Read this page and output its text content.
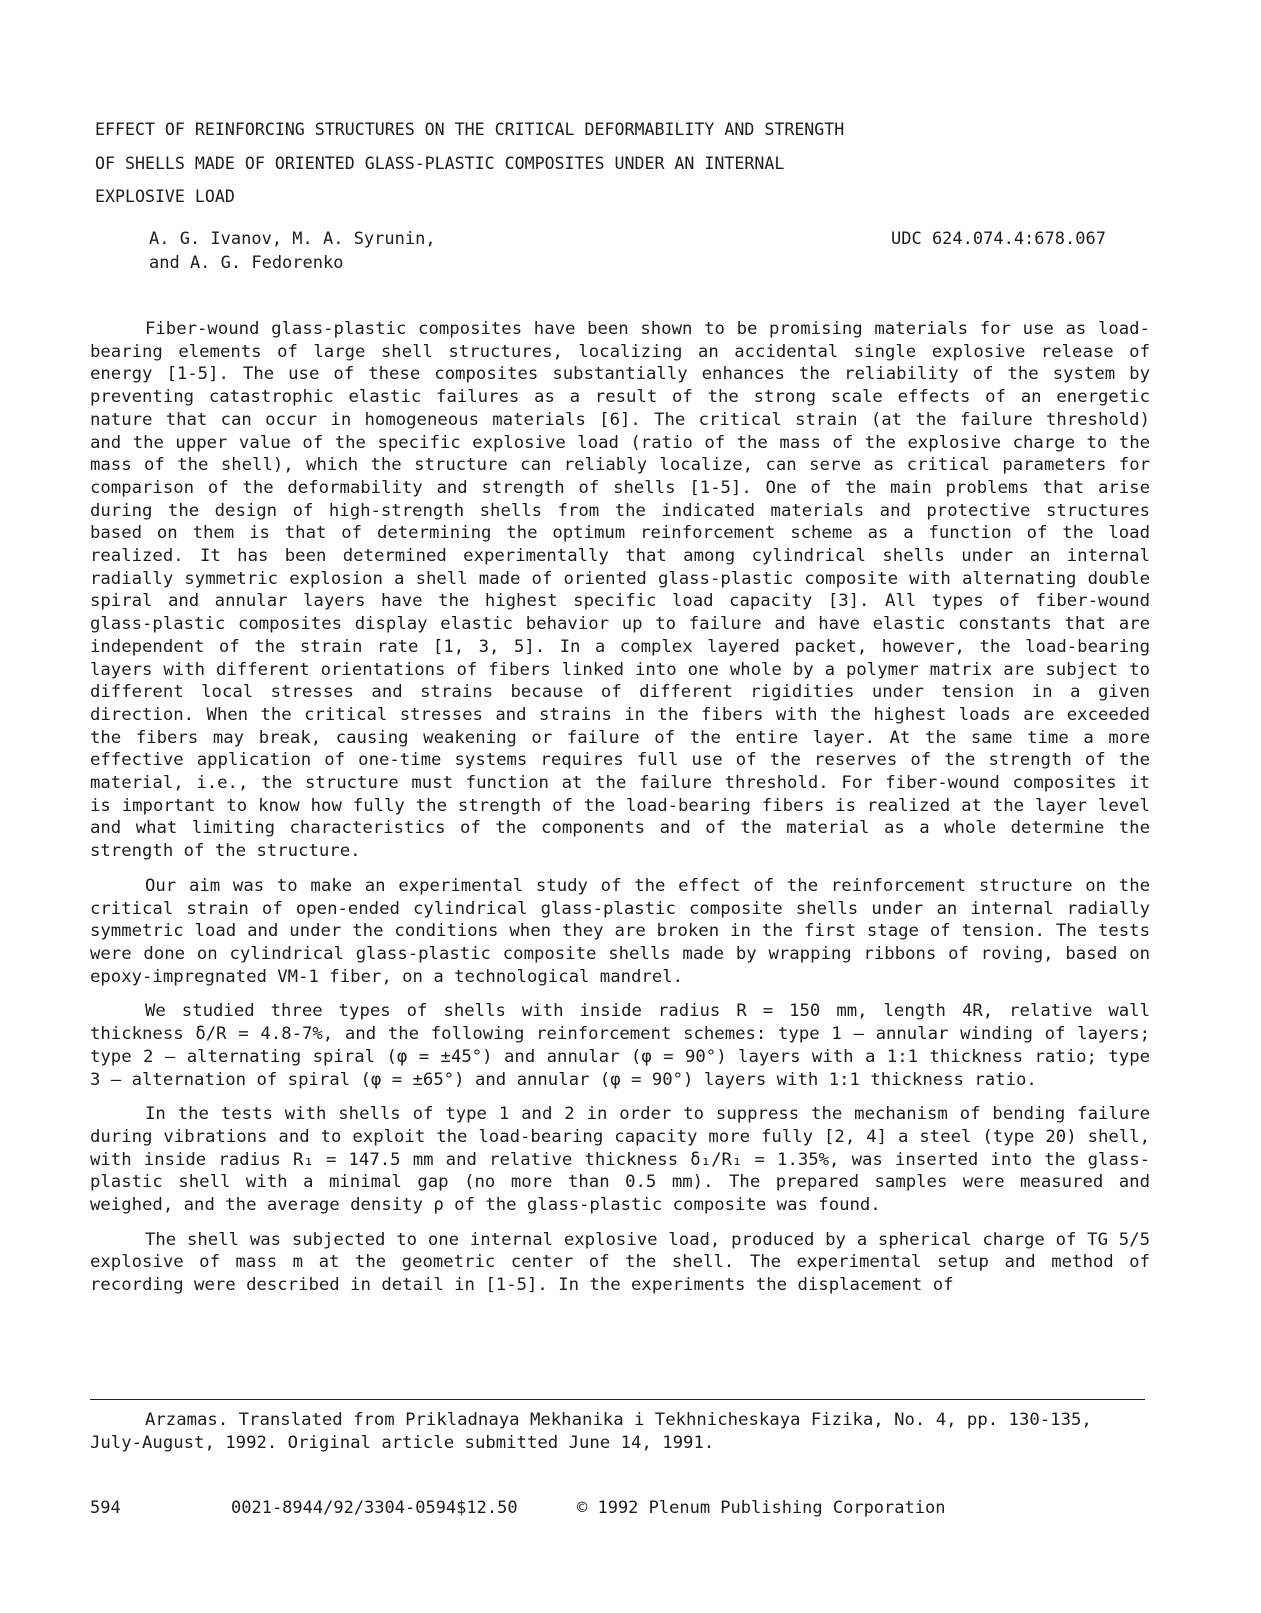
EFFECT OF REINFORCING STRUCTURES ON THE CRITICAL DEFORMABILITY AND STRENGTH
OF SHELLS MADE OF ORIENTED GLASS-PLASTIC COMPOSITES UNDER AN INTERNAL
EXPLOSIVE LOAD
A. G. Ivanov, M. A. Syrunin,
and A. G. Fedorenko
UDC 624.074.4:678.067

Fiber-wound glass-plastic composites have been shown to be promising materials for use as load-bearing elements of large shell structures, localizing an accidental single explosive release of energy [1-5]. The use of these composites substantially enhances the reliability of the system by preventing catastrophic elastic failures as a result of the strong scale effects of an energetic nature that can occur in homogeneous materials [6]. The critical strain (at the failure threshold) and the upper value of the specific explosive load (ratio of the mass of the explosive charge to the mass of the shell), which the structure can reliably localize, can serve as critical parameters for comparison of the deformability and strength of shells [1-5]. One of the main problems that arise during the design of high-strength shells from the indicated materials and protective structures based on them is that of determining the optimum reinforcement scheme as a function of the load realized. It has been determined experimentally that among cylindrical shells under an internal radially symmetric explosion a shell made of oriented glass-plastic composite with alternating double spiral and annular layers have the highest specific load capacity [3]. All types of fiber-wound glass-plastic composites display elastic behavior up to failure and have elastic constants that are independent of the strain rate [1, 3, 5]. In a complex layered packet, however, the load-bearing layers with different orientations of fibers linked into one whole by a polymer matrix are subject to different local stresses and strains because of different rigidities under tension in a given direction. When the critical stresses and strains in the fibers with the highest loads are exceeded the fibers may break, causing weakening or failure of the entire layer. At the same time a more effective application of one-time systems requires full use of the reserves of the strength of the material, i.e., the structure must function at the failure threshold. For fiber-wound composites it is important to know how fully the strength of the load-bearing fibers is realized at the layer level and what limiting characteristics of the components and of the material as a whole determine the strength of the structure.

Our aim was to make an experimental study of the effect of the reinforcement structure on the critical strain of open-ended cylindrical glass-plastic composite shells under an internal radially symmetric load and under the conditions when they are broken in the first stage of tension. The tests were done on cylindrical glass-plastic composite shells made by wrapping ribbons of roving, based on epoxy-impregnated VM-1 fiber, on a technological mandrel.

We studied three types of shells with inside radius R = 150 mm, length 4R, relative wall thickness δ/R = 4.8-7%, and the following reinforcement schemes: type 1 – annular winding of layers; type 2 – alternating spiral (φ = ±45°) and annular (φ = 90°) layers with a 1:1 thickness ratio; type 3 – alternation of spiral (φ = ±65°) and annular (φ = 90°) layers with 1:1 thickness ratio.

In the tests with shells of type 1 and 2 in order to suppress the mechanism of bending failure during vibrations and to exploit the load-bearing capacity more fully [2, 4] a steel (type 20) shell, with inside radius R₁ = 147.5 mm and relative thickness δ₁/R₁ = 1.35%, was inserted into the glass-plastic shell with a minimal gap (no more than 0.5 mm). The prepared samples were measured and weighed, and the average density ρ of the glass-plastic composite was found.

The shell was subjected to one internal explosive load, produced by a spherical charge of TG 5/5 explosive of mass m at the geometric center of the shell. The experimental setup and method of recording were described in detail in [1-5]. In the experiments the displacement of

Arzamas. Translated from Prikladnaya Mekhanika i Tekhnicheskaya Fizika, No. 4, pp. 130-135, July-August, 1992. Original article submitted June 14, 1991.

594	0021-8944/92/3304-0594$12.50	© 1992 Plenum Publishing Corporation
